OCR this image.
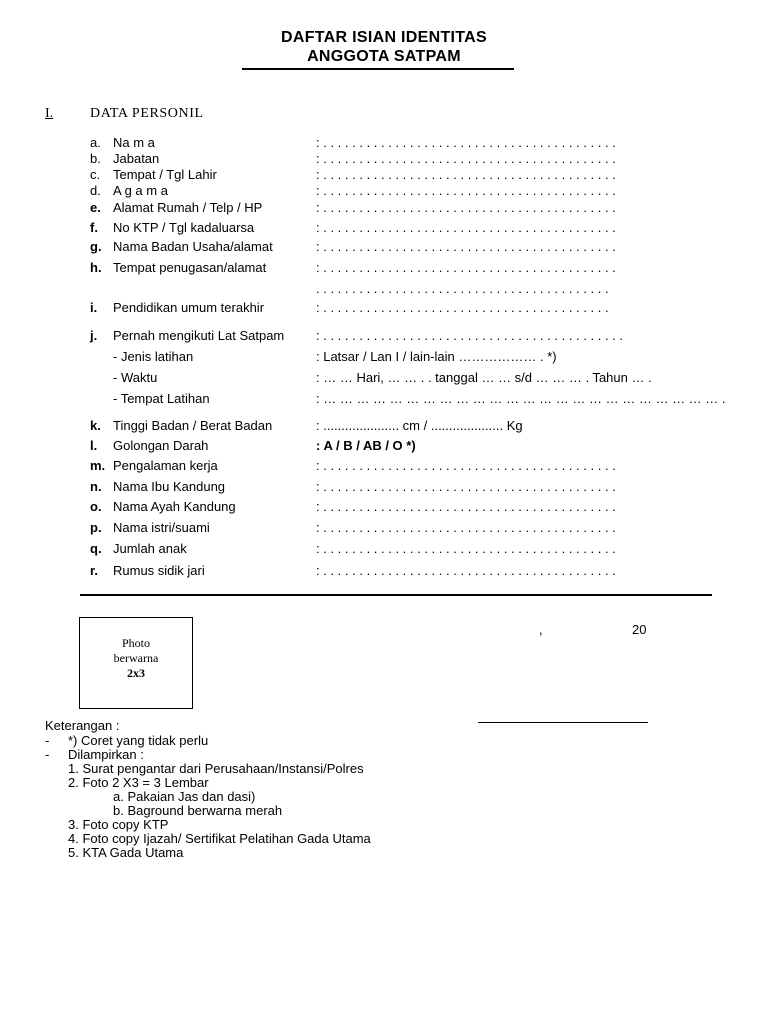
DAFTAR ISIAN IDENTITAS
ANGGOTA SATPAM
I.	DATA PERSONIL
a. Na m a	: . . . . . . . . . . . . . . . . . . . . . . . . . . . . . . . . . . . . . . . . .
b. Jabatan	: . . . . . . . . . . . . . . . . . . . . . . . . . . . . . . . . . . . . . . . . .
c. Tempat / Tgl Lahir	: . . . . . . . . . . . . . . . . . . . . . . . . . . . . . . . . . . . . . . . . .
d. A g a m a	: . . . . . . . . . . . . . . . . . . . . . . . . . . . . . . . . . . . . . . . . .
e. Alamat Rumah / Telp / HP	: . . . . . . . . . . . . . . . . . . . . . . . . . . . . . . . . . . . . . . . . .
f. No KTP / Tgl kadaluarsa	: . . . . . . . . . . . . . . . . . . . . . . . . . . . . . . . . . . . . . . . . .
g. Nama Badan Usaha/alamat	: . . . . . . . . . . . . . . . . . . . . . . . . . . . . . . . . . . . . . . . . .
h. Tempat penugasan/alamat	: . . . . . . . . . . . . . . . . . . . . . . . . . . . . . . . . . . . . . . . . .
. . . . . . . . . . . . . . . . . . . . . . . . . . . . . . . . . . . . . . . . .
i. Pendidikan umum terakhir	: . . . . . . . . . . . . . . . . . . . . . . . . . . . . . . . . . . . . . . . .
j. Pernah mengikuti Lat Satpam : . . . . . . . . . . . . . . . . . . . . . . . . . . . . . . . . . . . . . . . . . .
- Jenis latihan	: Latsar / Lan I / lain-lain ……………… . *)
- Waktu	: … … Hari, … … . . tanggal … … s/d … … … . Tahun … .
- Tempat Latihan	: … … … … … … … … … … … … … … … … … … … … … … … … .
k. Tinggi Badan / Berat Badan	: ..................... cm / .................... Kg
l. Golongan Darah	: A / B / AB / O *)
m. Pengalaman kerja	: . . . . . . . . . . . . . . . . . . . . . . . . . . . . . . . . . . . . . . . . .
n. Nama Ibu Kandung	: . . . . . . . . . . . . . . . . . . . . . . . . . . . . . . . . . . . . . . . . .
o. Nama Ayah Kandung	: . . . . . . . . . . . . . . . . . . . . . . . . . . . . . . . . . . . . . . . . .
p. Nama istri/suami	: . . . . . . . . . . . . . . . . . . . . . . . . . . . . . . . . . . . . . . . . .
q. Jumlah anak	: . . . . . . . . . . . . . . . . . . . . . . . . . . . . . . . . . . . . . . . . .
r. Rumus sidik jari	: . . . . . . . . . . . . . . . . . . . . . . . . . . . . . . . . . . . . . . . . .
Photo
berwarna
2x3
,	20
Keterangan :
- *) Coret yang tidak perlu
- Dilampirkan :
1. Surat pengantar dari Perusahaan/Instansi/Polres
2. Foto 2 X3 = 3 Lembar
a. Pakaian Jas dan dasi)
b. Baground berwarna merah
3. Foto copy KTP
4. Foto copy Ijazah/ Sertifikat Pelatihan Gada Utama
5. KTA Gada Utama
